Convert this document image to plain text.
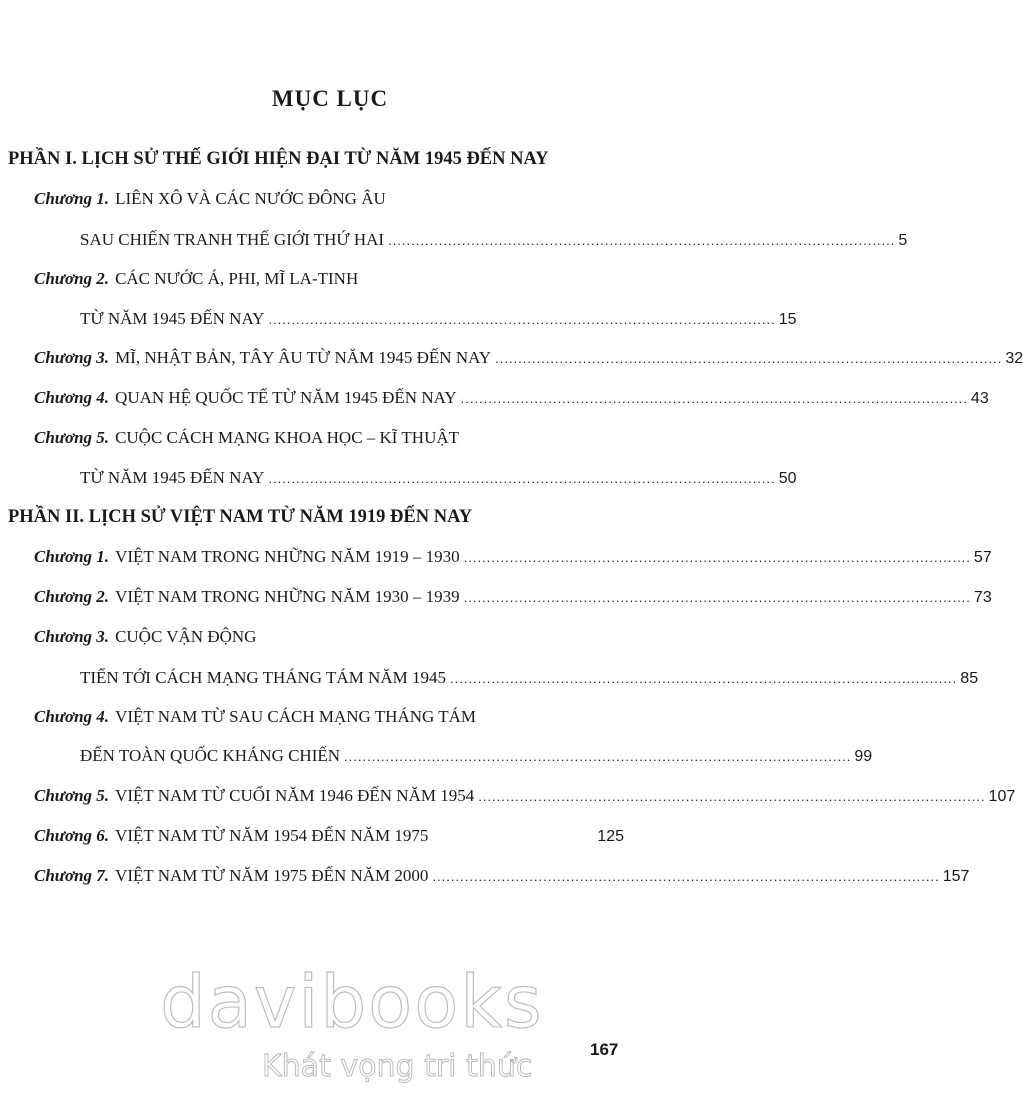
MỤC LỤC
PHẦN I. LỊCH SỬ THẾ GIỚI HIỆN ĐẠI TỪ NĂM 1945 ĐẾN NAY
Chương 1. LIÊN XÔ VÀ CÁC NƯỚC ĐÔNG ÂU
SAU CHIẾN TRANH THẾ GIỚI THỨ HAI .............................................................................................................. 5
Chương 2. CÁC NƯỚC Á, PHI, MĨ LA-TINH
TỪ NĂM 1945 ĐẾN NAY .............................................................................................................. 15
Chương 3. MĨ, NHẬT BẢN, TÂY ÂU TỪ NĂM 1945 ĐẾN NAY .............................................................................................................. 32
Chương 4. QUAN HỆ QUỐC TẾ TỪ NĂM 1945 ĐẾN NAY .............................................................................................................. 43
Chương 5. CUỘC CÁCH MẠNG KHOA HỌC – KĨ THUẬT
TỪ NĂM 1945 ĐẾN NAY .............................................................................................................. 50
PHẦN II. LỊCH SỬ VIỆT NAM TỪ NĂM 1919 ĐẾN NAY
Chương 1. VIỆT NAM TRONG NHỮNG NĂM 1919 – 1930 .............................................................................................................. 57
Chương 2. VIỆT NAM TRONG NHỮNG NĂM 1930 – 1939 .............................................................................................................. 73
Chương 3. CUỘC VẬN ĐỘNG
TIẾN TỚI CÁCH MẠNG THÁNG TÁM NĂM 1945 .............................................................................................................. 85
Chương 4. VIỆT NAM TỪ SAU CÁCH MẠNG THÁNG TÁM
ĐẾN TOÀN QUỐC KHÁNG CHIẾN .............................................................................................................. 99
Chương 5. VIỆT NAM TỪ CUỐI NĂM 1946 ĐẾN NĂM 1954 .............................................................................................................. 107
Chương 6. VIỆT NAM TỪ NĂM 1954 ĐẾN NĂM 1975	125
Chương 7. VIỆT NAM TỪ NĂM 1975 ĐẾN NĂM 2000 .............................................................................................................. 157
davibooks
167
Khát vọng tri thức
